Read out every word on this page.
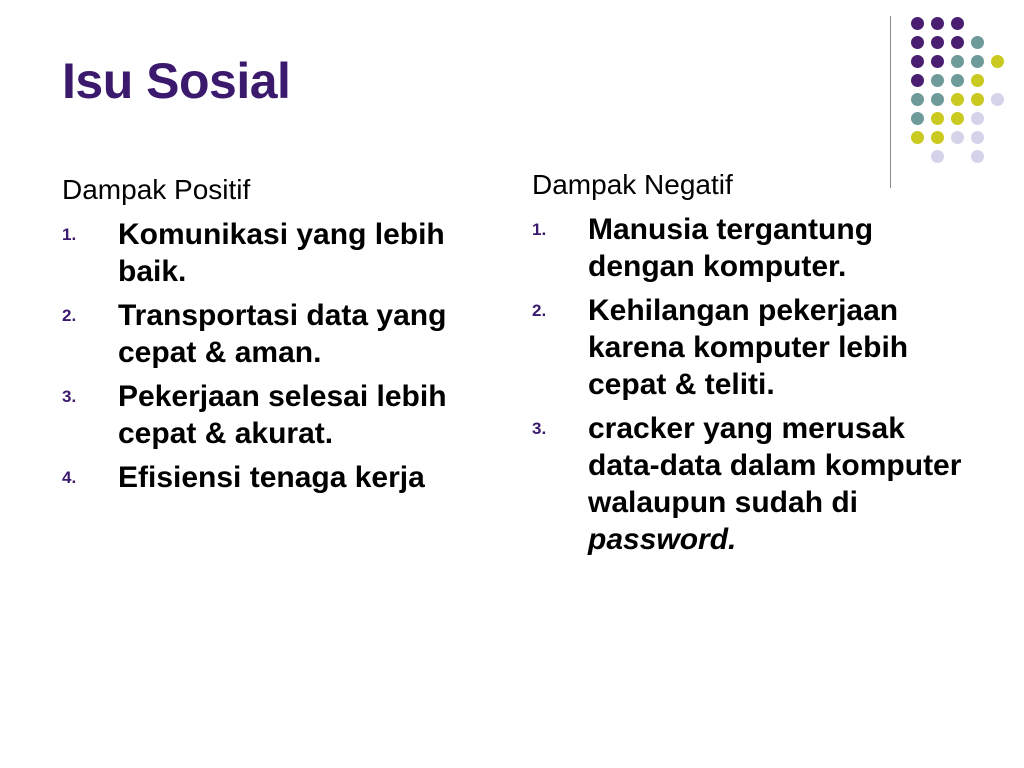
Isu Sosial
Dampak Positif
1. Komunikasi yang lebih baik.
2. Transportasi data yang cepat & aman.
3. Pekerjaan selesai lebih cepat & akurat.
4. Efisiensi tenaga kerja
Dampak Negatif
1. Manusia tergantung dengan komputer.
2. Kehilangan pekerjaan karena komputer lebih cepat & teliti.
3. cracker yang merusak data-data dalam komputer walaupun sudah di password.
